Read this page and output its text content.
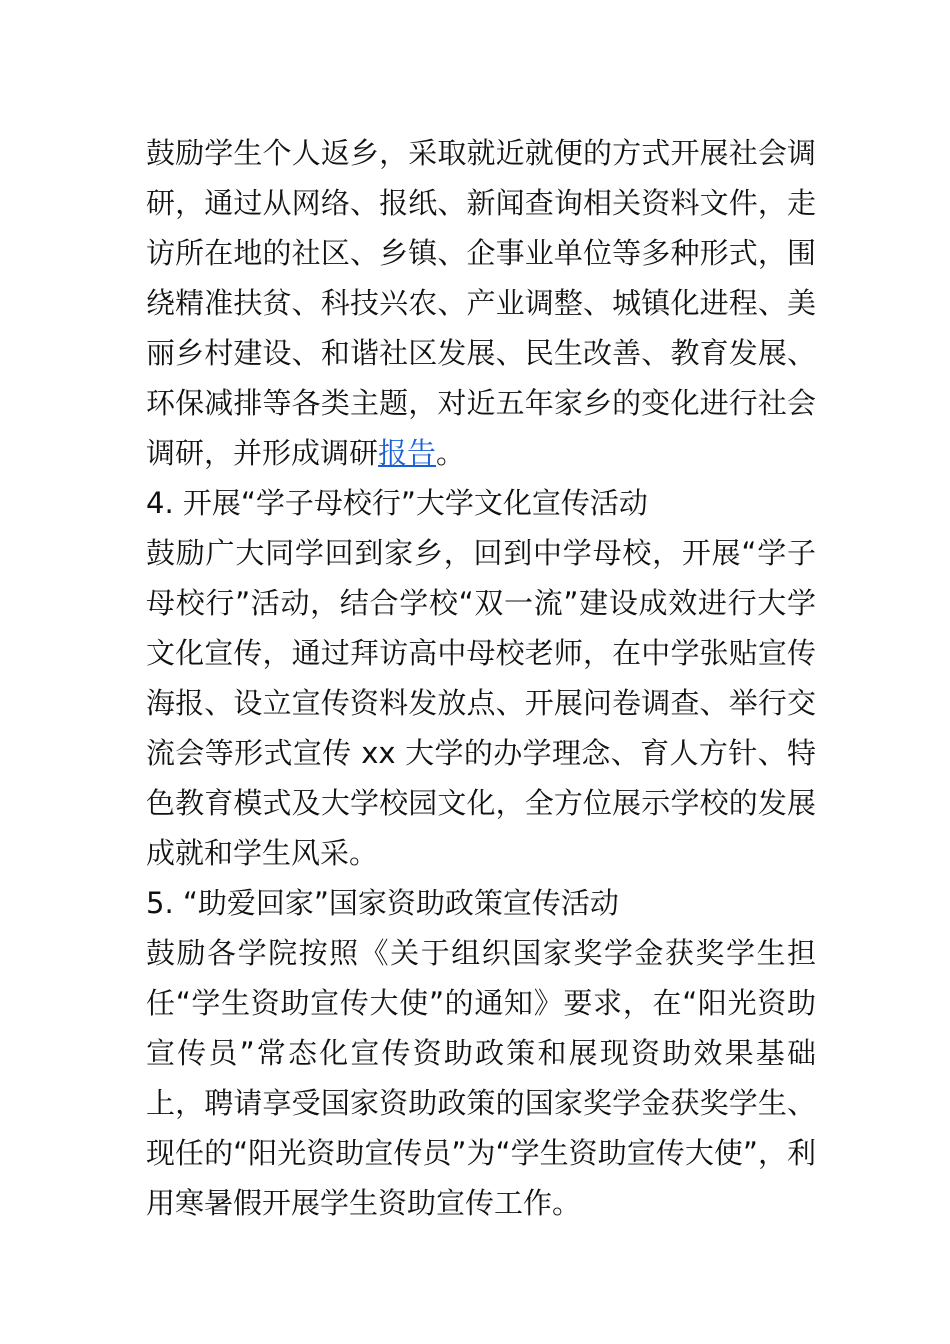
鼓励学生个人返乡，采取就近就便的方式开展社会调研，通过从网络、报纸、新闻查询相关资料文件，走访所在地的社区、乡镇、企事业单位等多种形式，围绕精准扶贫、科技兴农、产业调整、城镇化进程、美丽乡村建设、和谐社区发展、民生改善、教育发展、环保减排等各类主题，对近五年家乡的变化进行社会调研，并形成调研报告。

4. 开展“学子母校行”大学文化宣传活动

鼓励广大同学回到家乡，回到中学母校，开展“学子母校行”活动，结合学校“双一流”建设成效进行大学文化宣传，通过拜访高中母校老师，在中学张贴宣传海报、设立宣传资料发放点、开展问卷调查、举行交流会等形式宣传 xx 大学的办学理念、育人方针、特色教育模式及大学校园文化，全方位展示学校的发展成就和学生风采。

5. “助爱回家”国家资助政策宣传活动

鼓励各学院按照《关于组织国家奖学金获奖学生担任“学生资助宣传大使”的通知》要求，在“阳光资助宣传员”常态化宣传资助政策和展现资助效果基础上，聘请享受国家资助政策的国家奖学金获奖学生、现任的“阳光资助宣传员”为“学生资助宣传大使”，利用寒暑假开展学生资助宣传工作。
